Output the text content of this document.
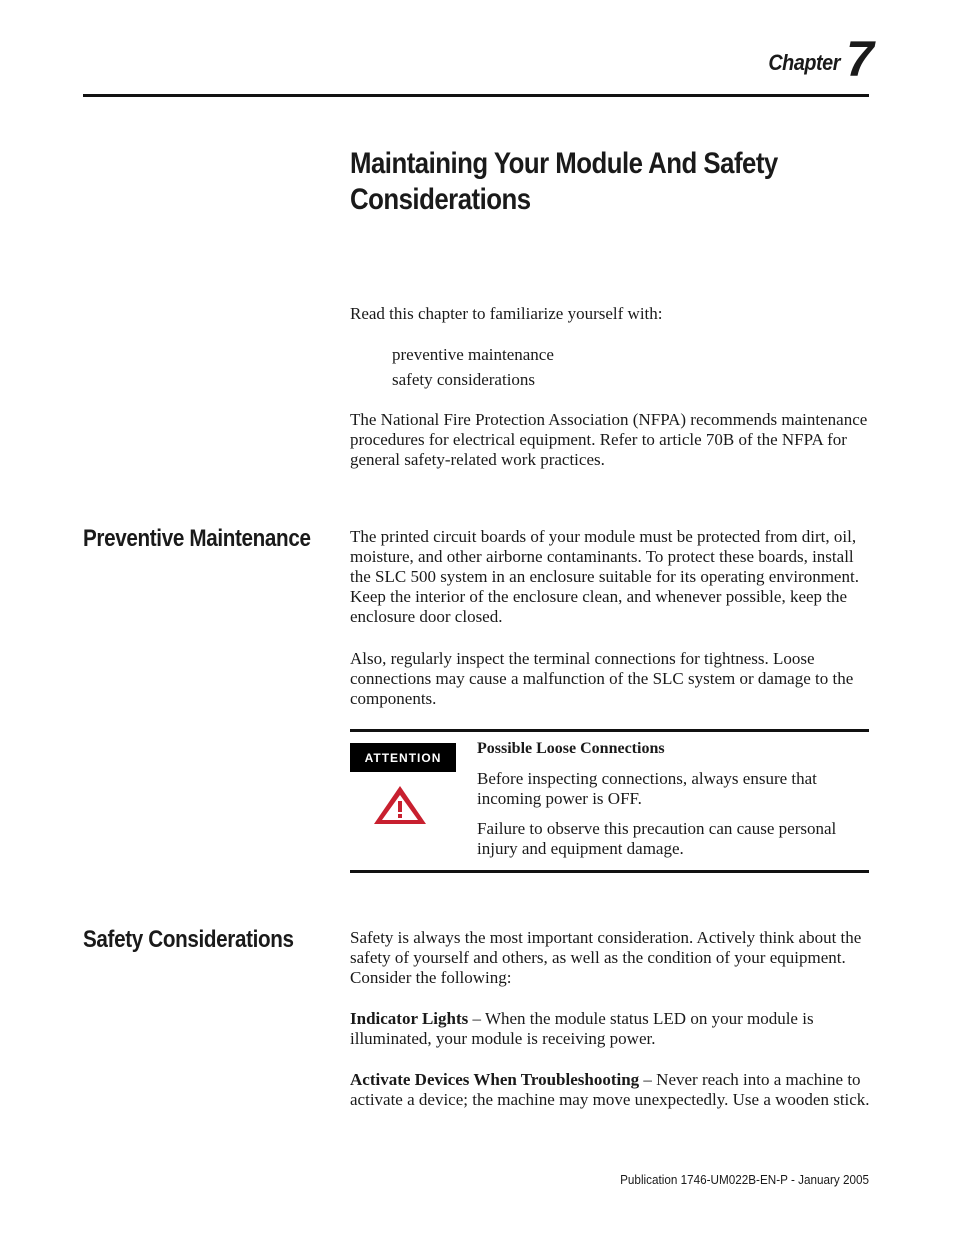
Chapter 7
Maintaining Your Module And Safety Considerations

Read this chapter to familiarize yourself with:

preventive maintenance
safety considerations

The National Fire Protection Association (NFPA) recommends maintenance procedures for electrical equipment. Refer to article 70B of the NFPA for general safety-related work practices.

Preventive Maintenance The printed circuit boards of your module must be protected from dirt, oil, moisture, and other airborne contaminants. To protect these boards, install the SLC 500 system in an enclosure suitable for its operating environment. Keep the interior of the enclosure clean, and whenever possible, keep the enclosure door closed.

Also, regularly inspect the terminal connections for tightness. Loose connections may cause a malfunction of the SLC system or damage to the components.

ATTENTION
Possible Loose Connections

Before inspecting connections, always ensure that incoming power is OFF.

Failure to observe this precaution can cause personal injury and equipment damage.

Safety Considerations	Safety is always the most important consideration. Actively think about the safety of yourself and others, as well as the condition of your equipment. Consider the following:

Indicator Lights – When the module status LED on your module is illuminated, your module is receiving power.

Activate Devices When Troubleshooting – Never reach into a machine to activate a device; the machine may move unexpectedly. Use a wooden stick.

Publication 1746-UM022B-EN-P - January 2005
